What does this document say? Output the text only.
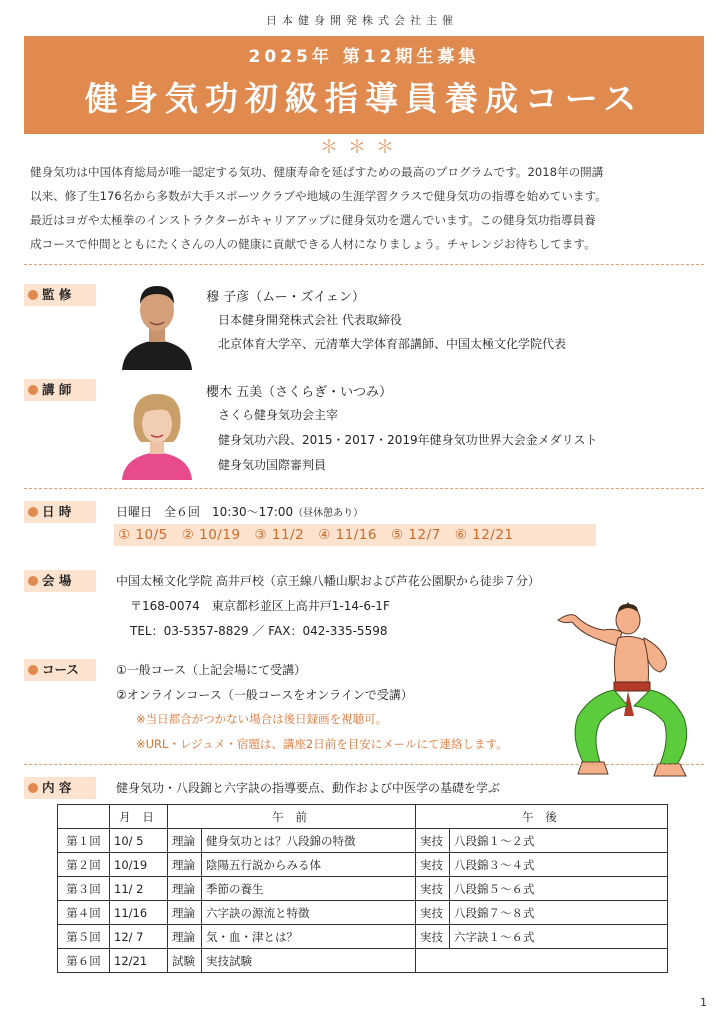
日本健身開発株式会社主催
2025年 第12期生募集
健身気功初級指導員養成コース
＊＊＊
健身気功は中国体育総局が唯一認定する気功、健康寿命を延ばすための最高のプログラムです。2018年の開講
以来、修了生176名から多数が大手スポーツクラブや地域の生涯学習クラスで健身気功の指導を始めています。
最近はヨガや太極拳のインストラクターがキャリアアップに健身気功を選んでいます。この健身気功指導員養
成コースで仲間とともにたくさんの人の健康に貢献できる人材になりましょう。チャレンジお待ちしてます。
監 修	穆 子彦（ムー・ズイェン）
日本健身開発株式会社 代表取締役
北京体育大学卒、元清華大学体育部講師、中国太極文化学院代表
講 師	櫻木 五美（さくらぎ・いつみ）
さくら健身気功会主宰
健身気功六段、2015・2017・2019年健身気功世界大会金メダリスト
健身気功国際審判員
日 時	日曜日　全６回　10:30～17:00（昼休憩あり）
① 10/5　② 10/19　③ 11/2　④ 11/16　⑤ 12/7　⑥ 12/21
会 場	中国太極文化学院 高井戸校（京王線八幡山駅および芦花公園駅から徒歩７分）
〒168-0074　東京都杉並区上高井戸1-14-6-1F
TEL：03-5357-8829 ／ FAX：042-335-5598
コース	①一般コース（上記会場にて受講）
②オンラインコース（一般コースをオンラインで受講）
※当日都合がつかない場合は後日録画を視聴可。
※URL・レジュメ・宿題は、講座2日前を目安にメールにて連絡します。
内 容	健身気功・八段錦と六字訣の指導要点、動作および中医学の基礎を学ぶ
	月 日	午 前		午 後	
第１回	10/ 5	理論	健身気功とは？八段錦の特徴	実技	八段錦１～２式
第２回	10/19	理論	陰陽五行説からみる体	実技	八段錦３～４式
第３回	11/ 2	理論	季節の養生	実技	八段錦５～６式
第４回	11/16	理論	六字訣の源流と特徴	実技	八段錦７～８式
第５回	12/ 7	理論	気・血・津とは？	実技	六字訣１～６式
第６回	12/21	試験	実技試験		
1
